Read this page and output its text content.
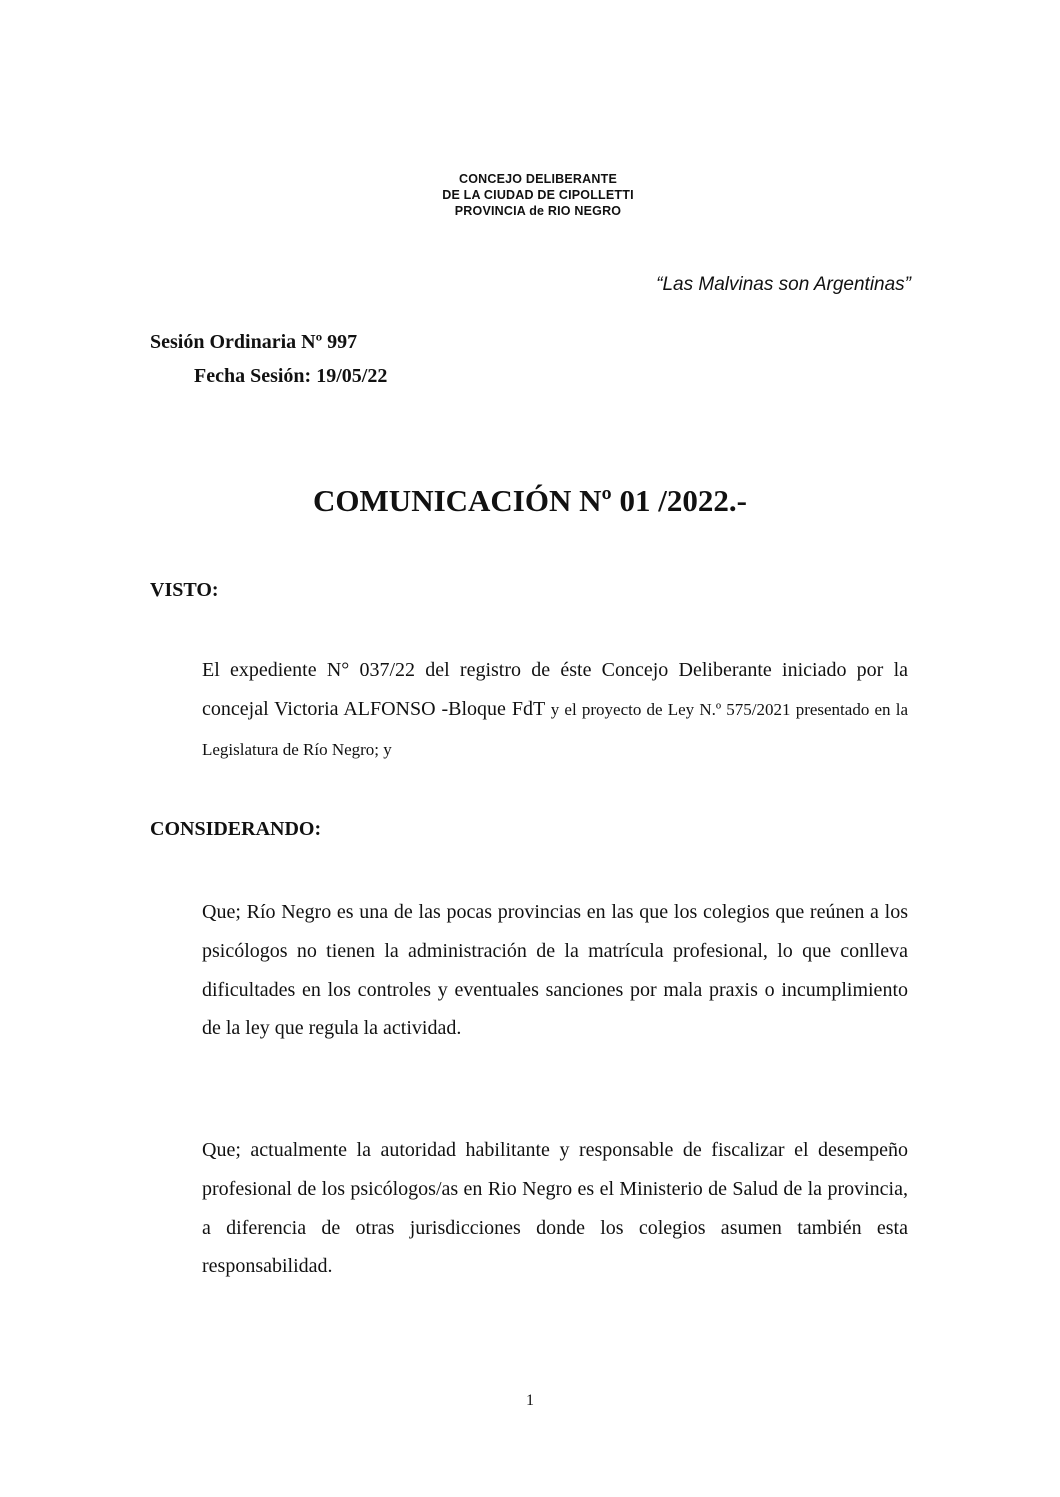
CONCEJO DELIBERANTE
DE LA CIUDAD DE CIPOLLETTI
PROVINCIA de RIO NEGRO
“Las Malvinas son Argentinas”
Sesión Ordinaria Nº 997
Fecha Sesión: 19/05/22
COMUNICACIÓN Nº 01 /2022.-
VISTO:
El expediente N° 037/22 del registro de éste Concejo Deliberante iniciado por la concejal Victoria ALFONSO -Bloque FdT y el proyecto de Ley N.º 575/2021 presentado en la Legislatura de Río Negro; y
CONSIDERANDO:
Que; Río Negro es una de las pocas provincias en las que los colegios que reúnen a los psicólogos no tienen la administración de la matrícula profesional, lo que conlleva dificultades en los controles y eventuales sanciones por mala praxis o incumplimiento de la ley que regula la actividad.
Que; actualmente la autoridad habilitante y responsable de fiscalizar el desempeño profesional de los psicólogos/as en Rio Negro es el Ministerio de Salud de la provincia, a diferencia de otras jurisdicciones donde los colegios asumen también esta responsabilidad.
1
